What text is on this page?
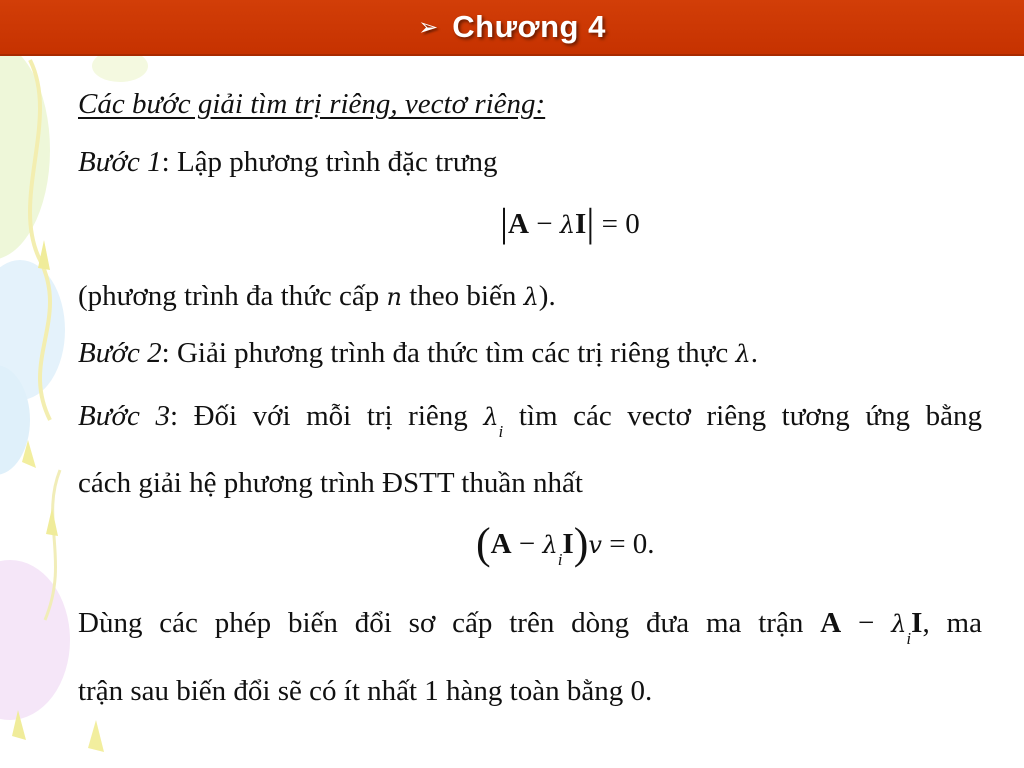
➢ Chương 4
Các bước giải tìm trị riêng, vectơ riêng:
Bước 1: Lập phương trình đặc trưng
|A − λI| = 0
(phương trình đa thức cấp n theo biến λ).
Bước 2: Giải phương trình đa thức tìm các trị riêng thực λ.
Bước 3: Đối với mỗi trị riêng $\lambda_i$ tìm các vectơ riêng tương ứng bằng
cách giải hệ phương trình ĐSTT thuần nhất
$(A - \lambda_iI)v = 0$.
Dùng các phép biến đổi sơ cấp trên dòng đưa ma trận $A - \lambda_iI$, ma
trận sau biến đổi sẽ có ít nhất 1 hàng toàn bằng 0.
